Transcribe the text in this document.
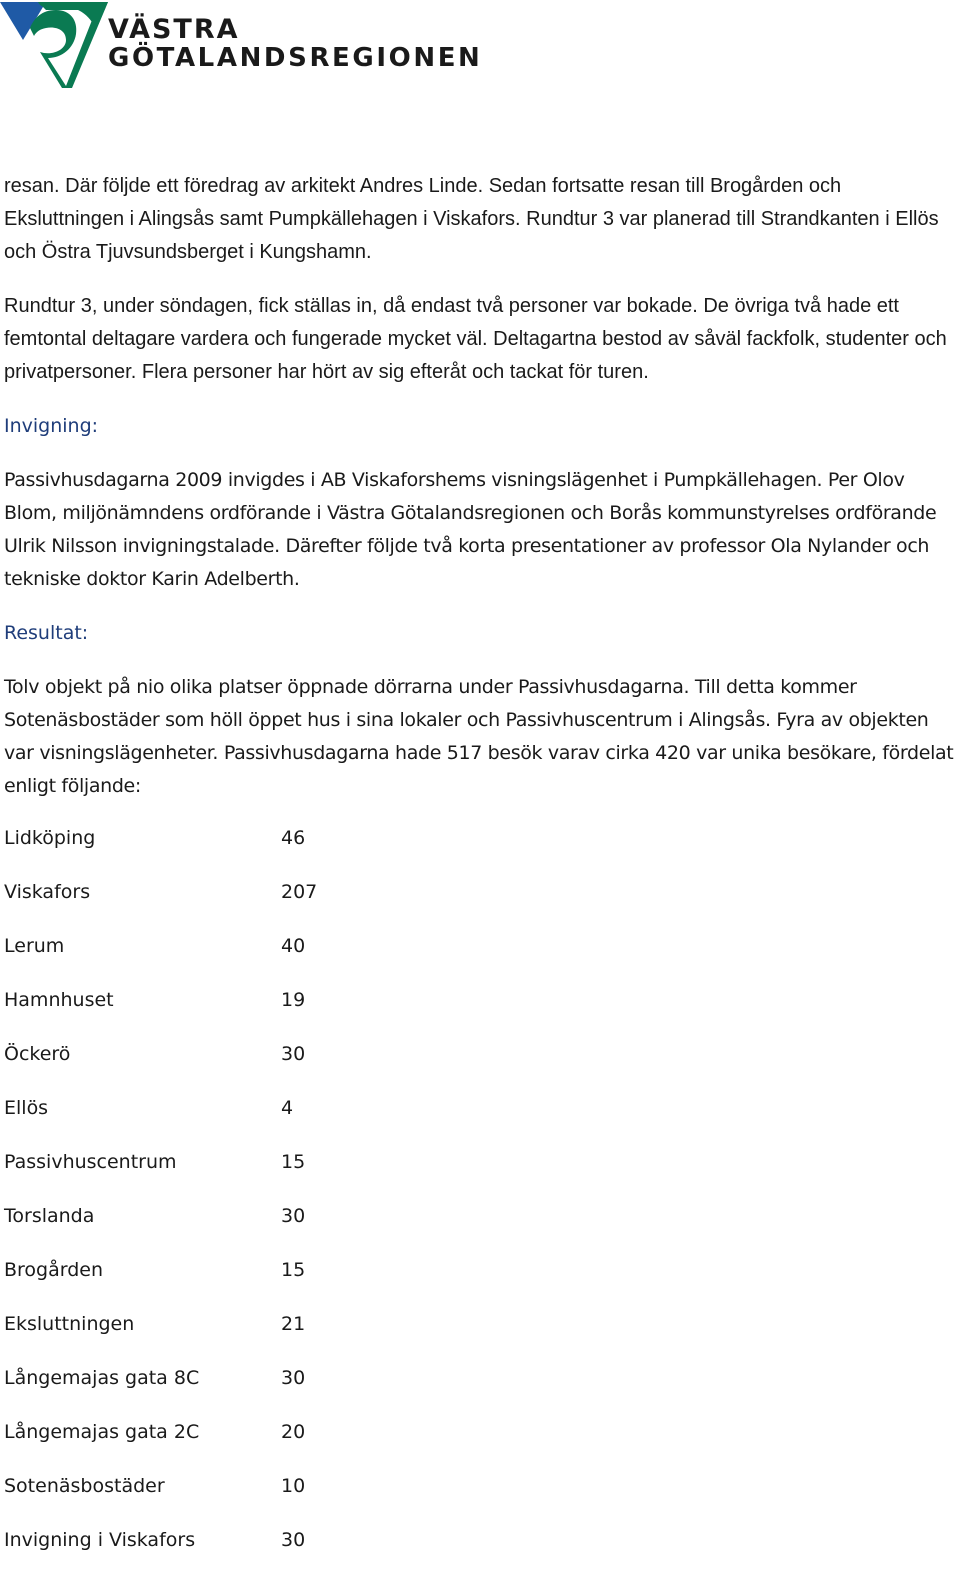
VÄSTRA
GÖTALANDSREGIONEN

resan. Där följde ett föredrag av arkitekt Andres Linde. Sedan fortsatte resan till Brogården och Eksluttningen i Alingsås samt Pumpkällehagen i Viskafors. Rundtur 3 var planerad till Strandkanten i Ellös och Östra Tjuvsundsberget i Kungshamn.

Rundtur 3, under söndagen, fick ställas in, då endast två personer var bokade. De övriga två hade ett femtontal deltagare vardera och fungerade mycket väl. Deltagartna bestod av såväl fackfolk, studenter och privatpersoner. Flera personer har hört av sig efteråt och tackat för turen.

Invigning:

Passivhusdagarna 2009 invigdes i AB Viskaforshems visningslägenhet i Pumpkällehagen. Per Olov Blom, miljönämndens ordförande i Västra Götalandsregionen och Borås kommunstyrelses ordförande Ulrik Nilsson invigningstalade. Därefter följde två korta presentationer av professor Ola Nylander och tekniske doktor Karin Adelberth.

Resultat:

Tolv objekt på nio olika platser öppnade dörrarna under Passivhusdagarna. Till detta kommer Sotenäsbostäder som höll öppet hus i sina lokaler och Passivhuscentrum i Alingsås. Fyra av objekten var visningslägenheter. Passivhusdagarna hade 517 besök varav cirka 420 var unika besökare, fördelat enligt följande:

Lidköping	46
Viskafors	207
Lerum	40
Hamnhuset	19
Öckerö	30
Ellös	4
Passivhuscentrum	15
Torslanda	30
Brogården	15
Eksluttningen	21
Långemajas gata 8C	30
Långemajas gata 2C	20
Sotenäsbostäder	10
Invigning i Viskafors	30
